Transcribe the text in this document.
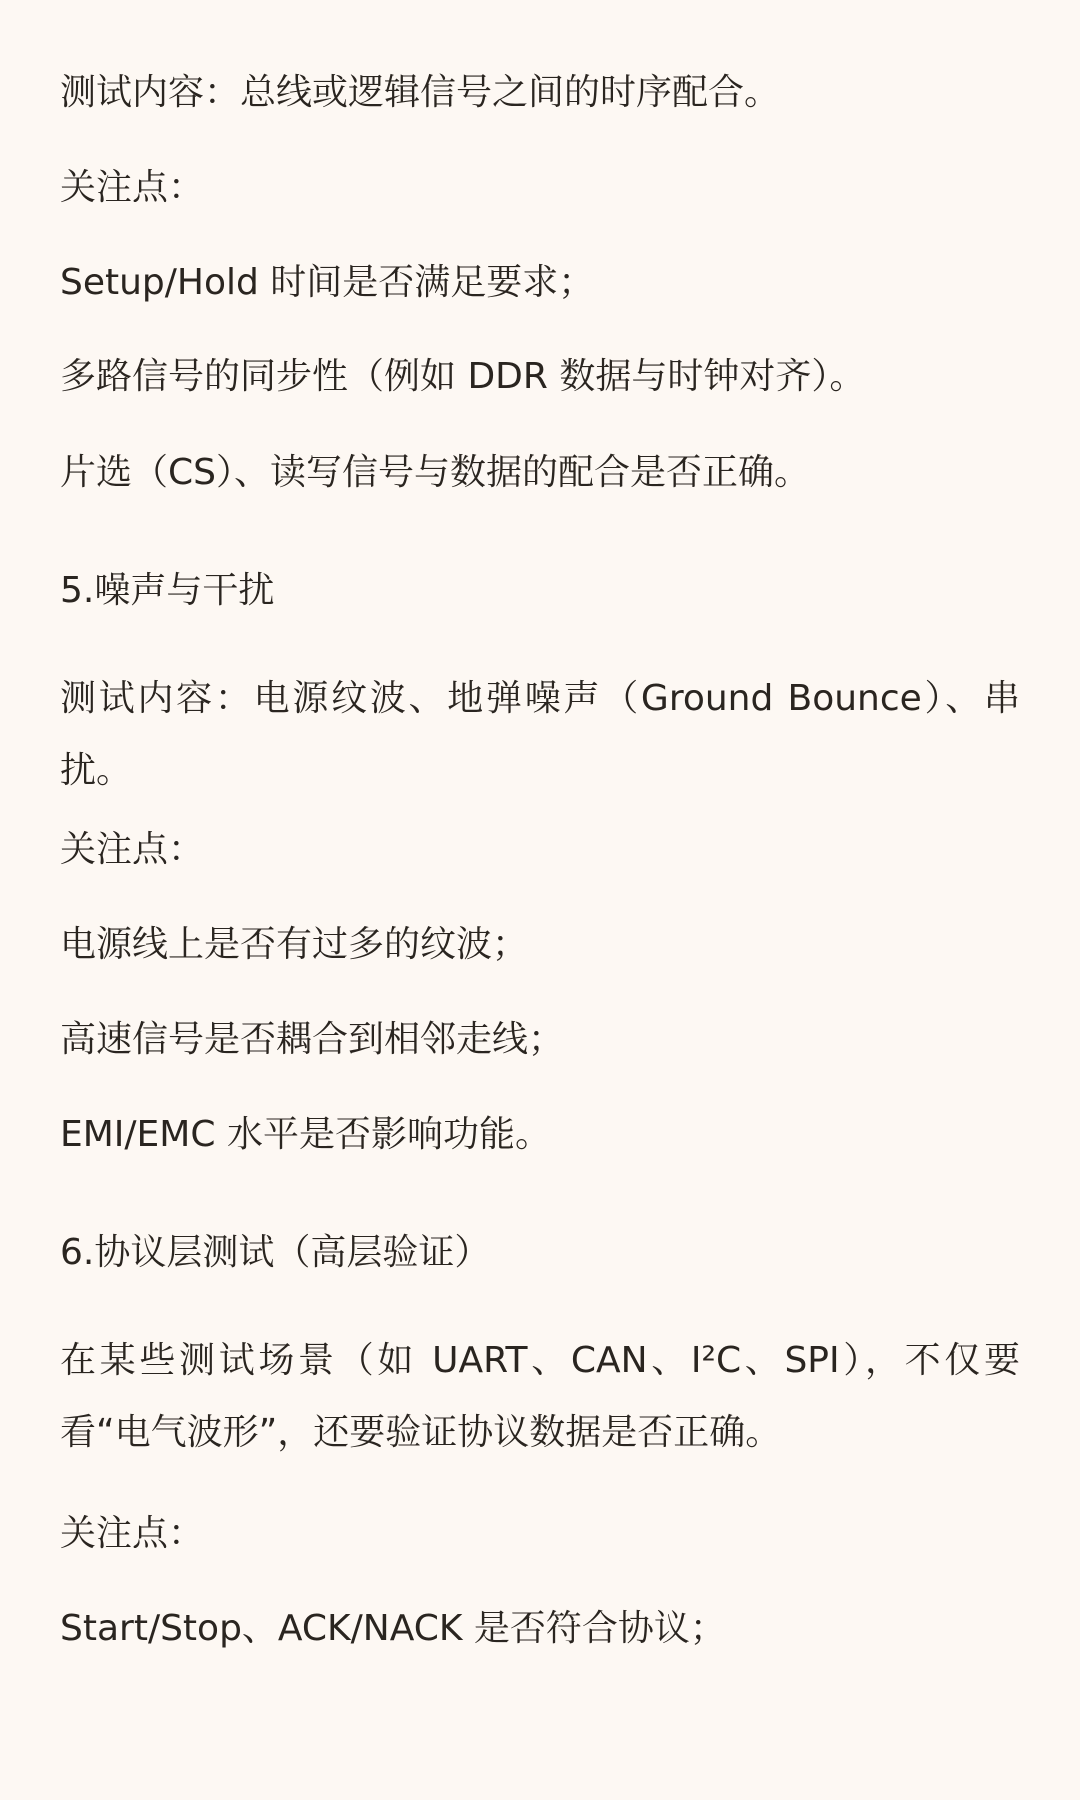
测试内容：总线或逻辑信号之间的时序配合。
关注点：
Setup/Hold 时间是否满足要求；
多路信号的同步性（例如 DDR 数据与时钟对齐）。
片选（CS）、读写信号与数据的配合是否正确。
5.噪声与干扰
测试内容：电源纹波、地弹噪声（Ground Bounce）、串扰。
关注点：
电源线上是否有过多的纹波；
高速信号是否耦合到相邻走线；
EMI/EMC 水平是否影响功能。
6.协议层测试（高层验证）
在某些测试场景（如 UART、CAN、I²C、SPI），不仅要看“电气波形”，还要验证协议数据是否正确。
关注点：
Start/Stop、ACK/NACK 是否符合协议；
